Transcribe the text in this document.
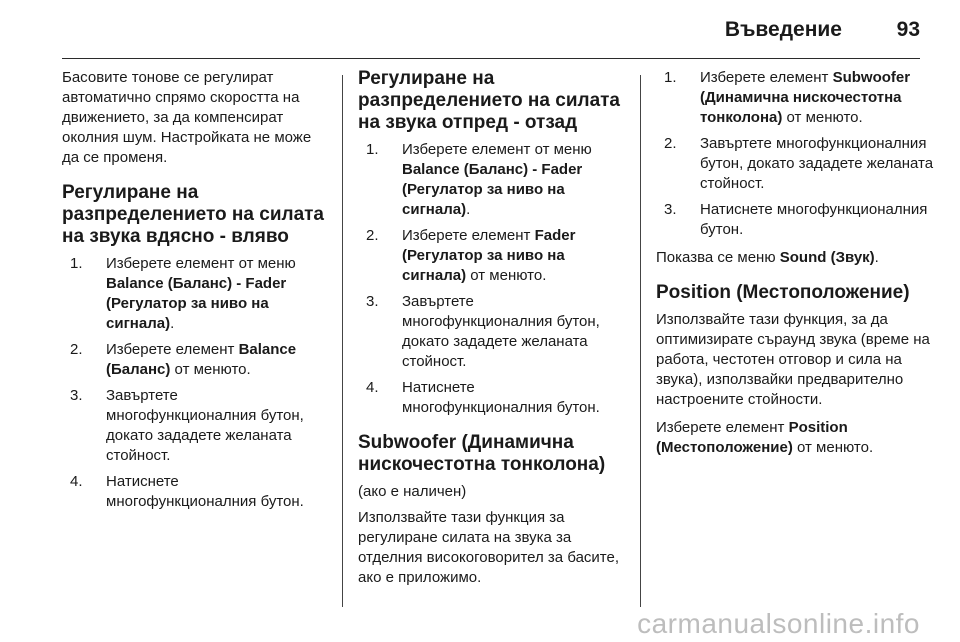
Въведение	93

Басовите тонове се регулират автоматично спрямо скоростта на движението, за да компенсират околния шум. Настройката не може да се променя.

Регулиране на разпределението на силата на звука вдясно - вляво
1. Изберете елемент от меню Balance (Баланс) - Fader (Регулатор за ниво на сигнала).
2. Изберете елемент Balance (Баланс) от менюто.
3. Завъртете многофункционалния бутон, докато зададете желаната стойност.
4. Натиснете многофункционалния бутон.
Регулиране на разпределението на силата на звука отпред - отзад
1. Изберете елемент от меню Balance (Баланс) - Fader (Регулатор за ниво на сигнала).
2. Изберете елемент Fader (Регулатор за ниво на сигнала) от менюто.
3. Завъртете многофункционалния бутон, докато зададете желаната стойност.
4. Натиснете многофункционалния бутон.
Subwoofer (Динамична нискочестотна тонколона)

(ако е наличен)

Използвайте тази функция за регулиране силата на звука за отделния високоговорител за басите, ако е приложимо.

1. Изберете елемент Subwoofer (Динамична нискочестотна тонколона) от менюто.
2. Завъртете многофункционалния бутон, докато зададете желаната стойност.
3. Натиснете многофункционалния бутон.

Показва се меню Sound (Звук).

Position (Местоположение)

Използвайте тази функция, за да оптимизирате съраунд звука (време на работа, честотен отговор и сила на звука), използвайки предварително настроените стойности.

Изберете елемент Position (Местоположение) от менюто.

carmanualsonline.info
